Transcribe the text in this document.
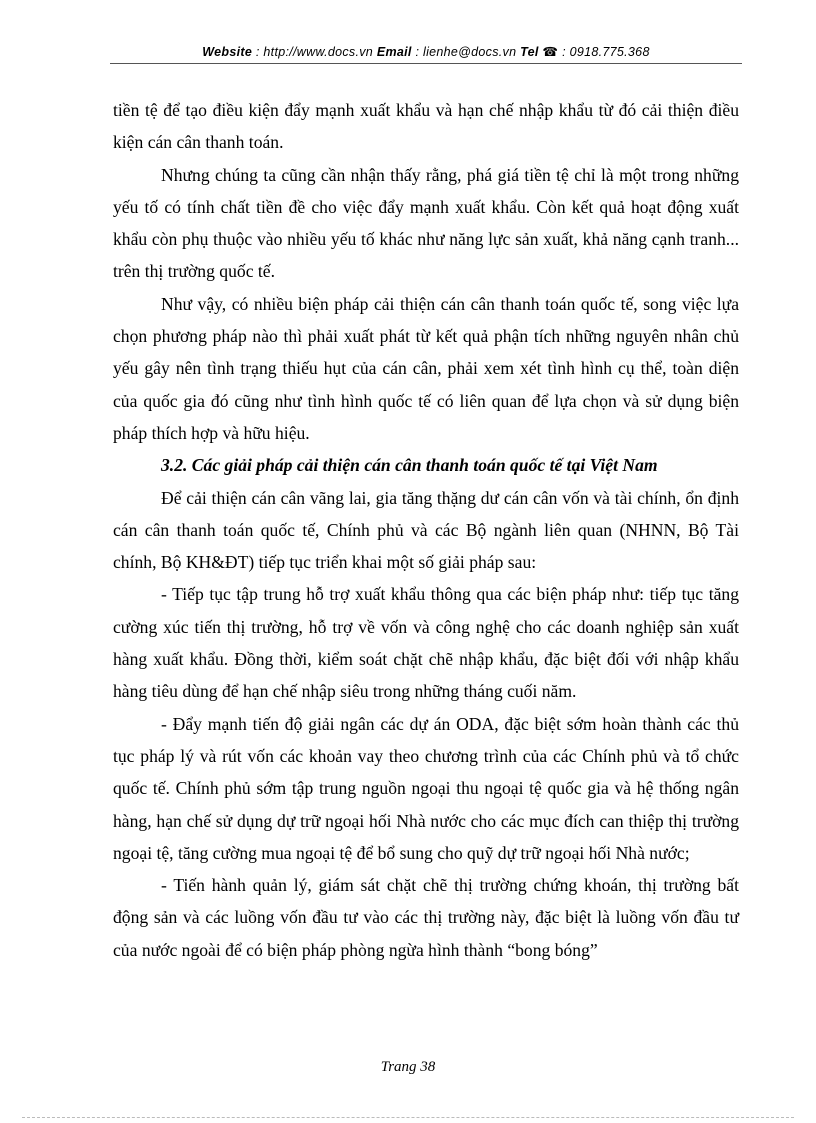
Website : http://www.docs.vn Email : lienhe@docs.vn Tel ☎ : 0918.775.368

tiền tệ để tạo điều kiện đẩy mạnh xuất khẩu và hạn chế nhập khẩu từ đó cải thiện điều kiện cán cân thanh toán.

Nhưng chúng ta cũng cần nhận thấy rằng, phá giá tiền tệ chỉ là một trong những yếu tố có tính chất tiền đề cho việc đẩy mạnh xuất khẩu. Còn kết quả hoạt động xuất khẩu còn phụ thuộc vào nhiều yếu tố khác như năng lực sản xuất, khả năng cạnh tranh... trên thị trường quốc tế.

Như vậy, có nhiều biện pháp cải thiện cán cân thanh toán quốc tế, song việc lựa chọn phương pháp nào thì phải xuất phát từ kết quả phận tích những nguyên nhân chủ yếu gây nên tình trạng thiếu hụt của cán cân, phải xem xét tình hình cụ thể, toàn diện của quốc gia đó cũng như tình hình quốc tế có liên quan để lựa chọn và sử dụng biện pháp thích hợp và hữu hiệu.

3.2. Các giải pháp cải thiện cán cân thanh toán quốc tế tại Việt Nam

Để cải thiện cán cân vãng lai, gia tăng thặng dư cán cân vốn và tài chính, ổn định cán cân thanh toán quốc tế, Chính phủ và các Bộ ngành liên quan (NHNN, Bộ Tài chính, Bộ KH&ĐT) tiếp tục triển khai một số giải pháp sau:

- Tiếp tục tập trung hỗ trợ xuất khẩu thông qua các biện pháp như: tiếp tục tăng cường xúc tiến thị trường, hỗ trợ về vốn và công nghệ cho các doanh nghiệp sản xuất hàng xuất khẩu. Đồng thời, kiểm soát chặt chẽ nhập khẩu, đặc biệt đối với nhập khẩu hàng tiêu dùng để hạn chế nhập siêu trong những tháng cuối năm.

- Đẩy mạnh tiến độ giải ngân các dự án ODA, đặc biệt sớm hoàn thành các thủ tục pháp lý và rút vốn các khoản vay theo chương trình của các Chính phủ và tổ chức quốc tế. Chính phủ sớm tập trung nguồn ngoại thu ngoại tệ quốc gia và hệ thống ngân hàng, hạn chế sử dụng dự trữ ngoại hối Nhà nước cho các mục đích can thiệp thị trường ngoại tệ, tăng cường mua ngoại tệ để bổ sung cho quỹ dự trữ ngoại hối Nhà nước;

- Tiến hành quản lý, giám sát chặt chẽ thị trường chứng khoán, thị trường bất động sản và các luồng vốn đầu tư vào các thị trường này, đặc biệt là luồng vốn đầu tư của nước ngoài để có biện pháp phòng ngừa hình thành “bong bóng”

Trang 38
